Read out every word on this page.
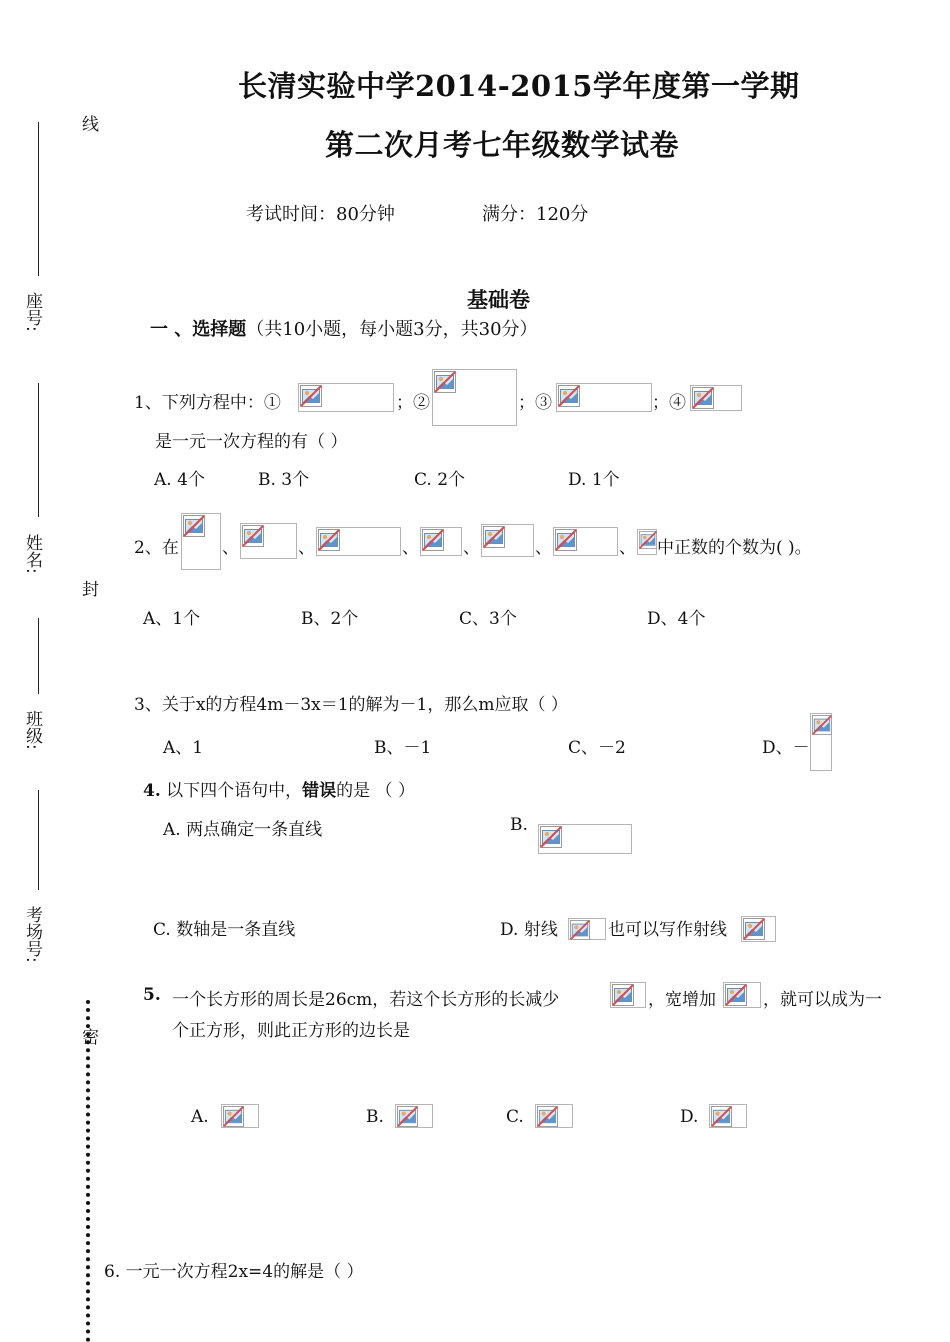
座号:
姓名:
班级:
考场号:
线
封
密
长清实验中学2014-2015学年度第一学期
第二次月考七年级数学试卷
考试时间：80分钟	满分：120分
基础卷
一 、选择题（共10小题，每小题3分，共30分）
1、下列方程中：①	；②	；③	；④
是一元一次方程的有（ ）
A. 4个	B. 3个	C. 2个	D. 1个
2、在	、	、	、	、	、	、 中正数的个数为( )。
A、1个	B、2个	C、3个	D、4个
3、关于x的方程4m－3x＝1的解为－1，那么m应取（ ）
A、1	B、－1	C、－2	D、－
4. 以下四个语句中，错误的是 （ ）
A. 两点确定一条直线	B.
C. 数轴是一条直线	D. 射线	也可以写作射线
5. 一个长方形的周长是26cm，若这个长方形的长减少	，宽增加	，就可以成为一
个正方形，则此正方形的边长是
A.	B.	C.	D.
6. 一元一次方程2x=4的解是（ ）
